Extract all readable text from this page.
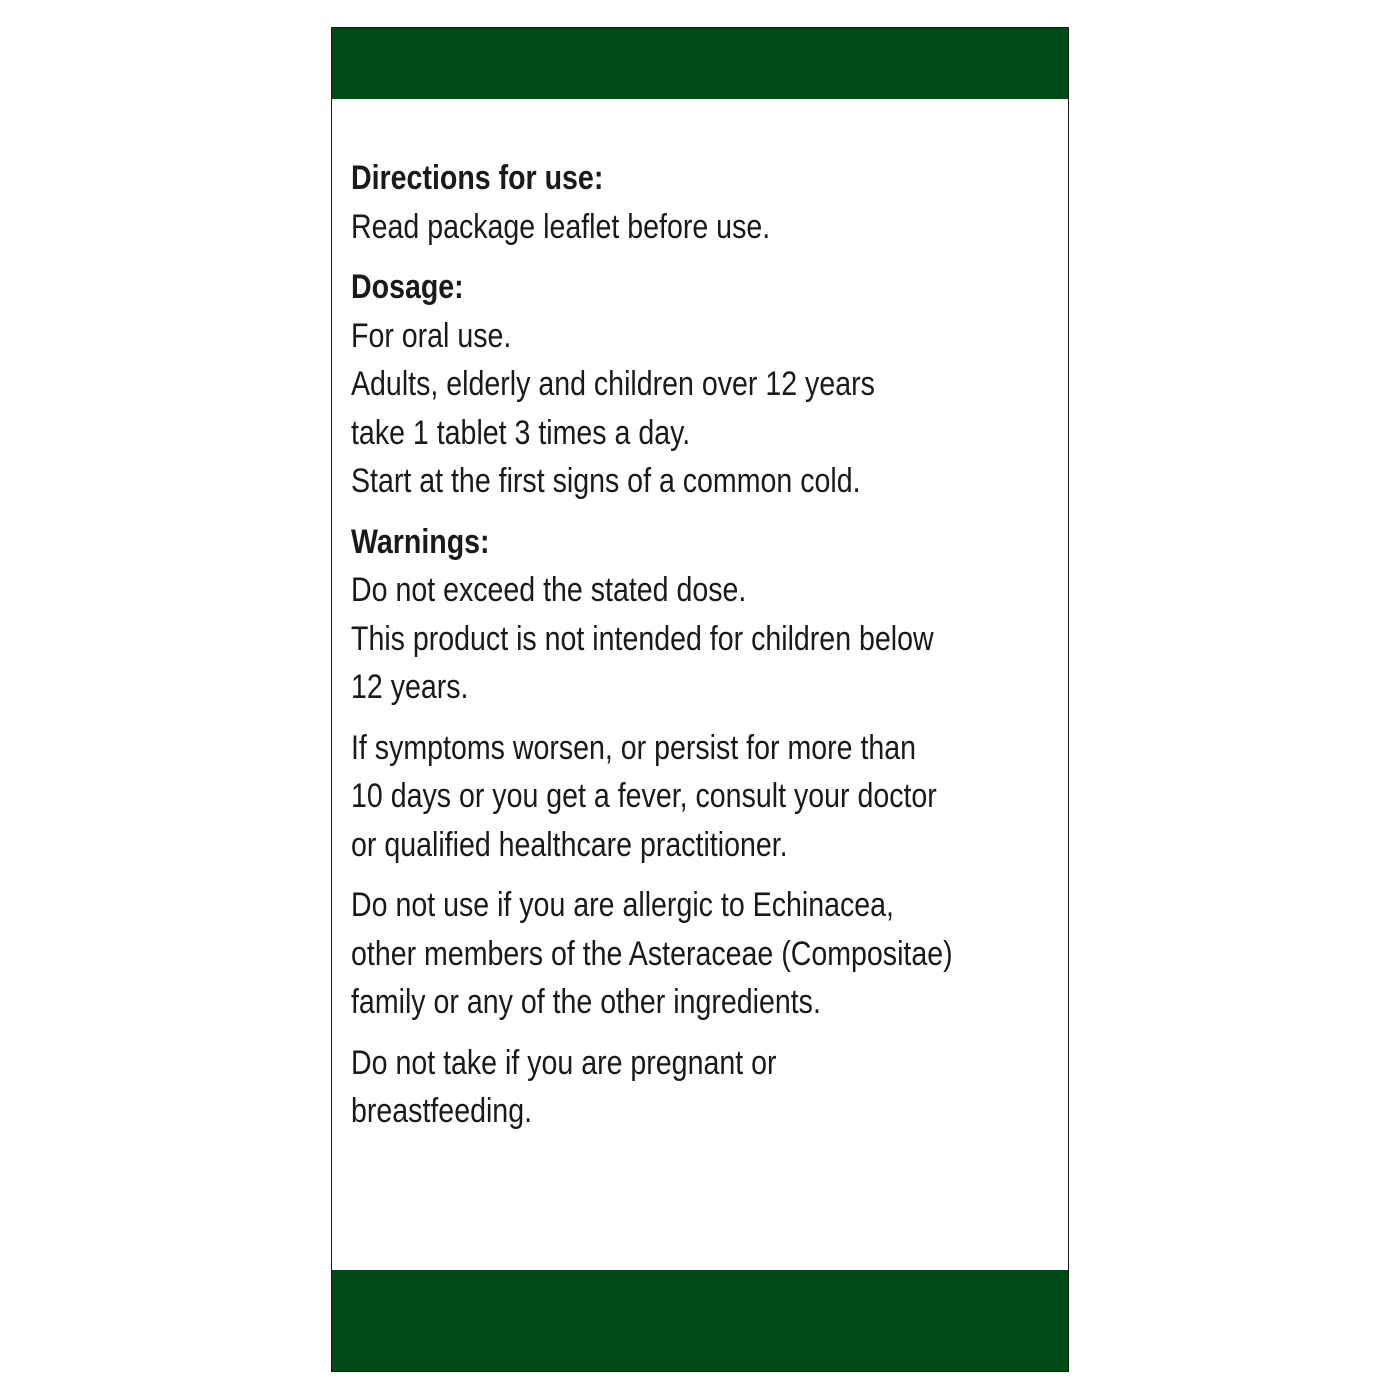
Directions for use:

Read package leaflet before use.

Dosage:

For oral use.

Adults, elderly and children over 12 years

take 1 tablet 3 times a day.

Start at the first signs of a common cold.

Warnings:

Do not exceed the stated dose.

This product is not intended for children below

12 years.

If symptoms worsen, or persist for more than

10 days or you get a fever, consult your doctor

or qualified healthcare practitioner.

Do not use if you are allergic to Echinacea,

other members of the Asteraceae (Compositae)

family or any of the other ingredients.

Do not take if you are pregnant or

breastfeeding.
